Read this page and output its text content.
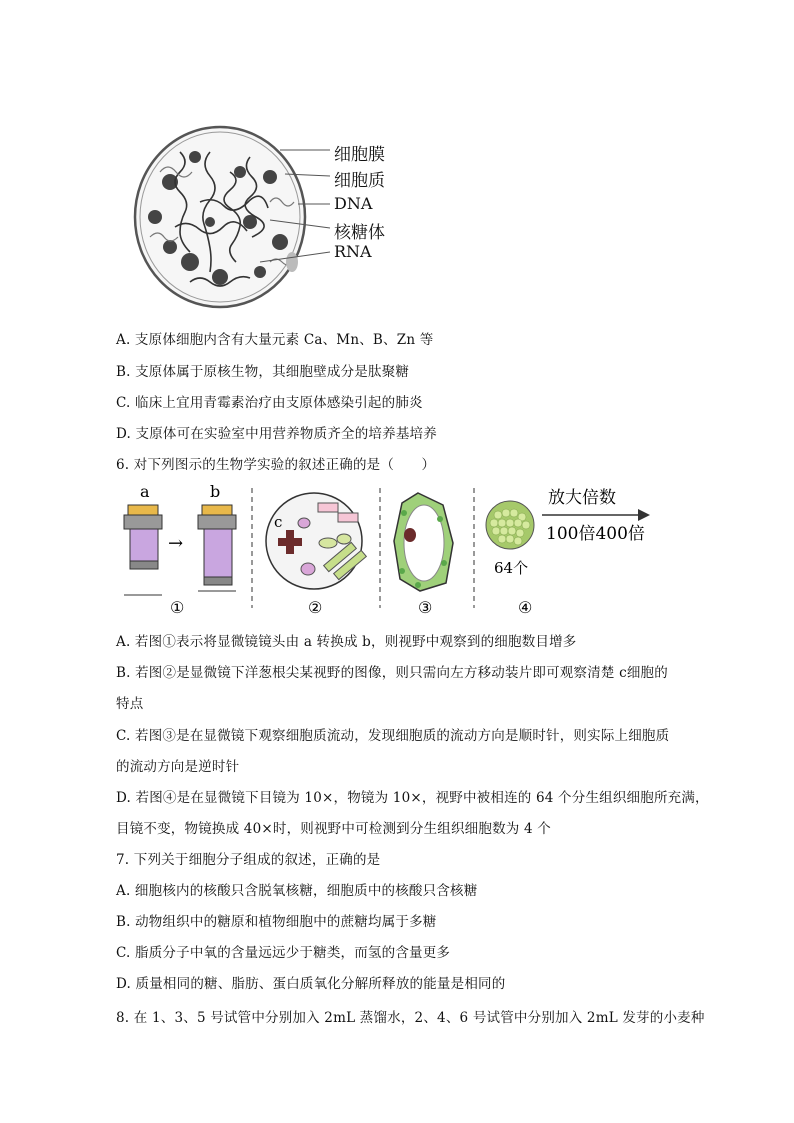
细胞膜
细胞质
DNA
核糖体
RNA
A. 支原体细胞内含有大量元素 Ca、Mn、B、Zn 等
B. 支原体属于原核生物，其细胞壁成分是肽聚糖
C. 临床上宜用青霉素治疗由支原体感染引起的肺炎
D. 支原体可在实验室中用营养物质齐全的培养基培养
6. 对下列图示的生物学实验的叙述正确的是（　　）
a	b
→
①
c
②	③
64个
放大倍数
100倍400倍
④
A. 若图①表示将显微镜镜头由 a 转换成 b，则视野中观察到的细胞数目增多
B. 若图②是显微镜下洋葱根尖某视野的图像，则只需向左方移动装片即可观察清楚 c细胞的
特点
C. 若图③是在显微镜下观察细胞质流动，发现细胞质的流动方向是顺时针，则实际上细胞质
的流动方向是逆时针
D. 若图④是在显微镜下目镜为 10×，物镜为 10×，视野中被相连的 64 个分生组织细胞所充满，
目镜不变，物镜换成 40×时，则视野中可检测到分生组织细胞数为 4 个
7. 下列关于细胞分子组成的叙述，正确的是
A. 细胞核内的核酸只含脱氧核糖，细胞质中的核酸只含核糖
B. 动物组织中的糖原和植物细胞中的蔗糖均属于多糖
C. 脂质分子中氧的含量远远少于糖类，而氢的含量更多
D. 质量相同的糖、脂肪、蛋白质氧化分解所释放的能量是相同的
8. 在 1、3、5 号试管中分别加入 2mL 蒸馏水，2、4、6 号试管中分别加入 2mL 发芽的小麦种
